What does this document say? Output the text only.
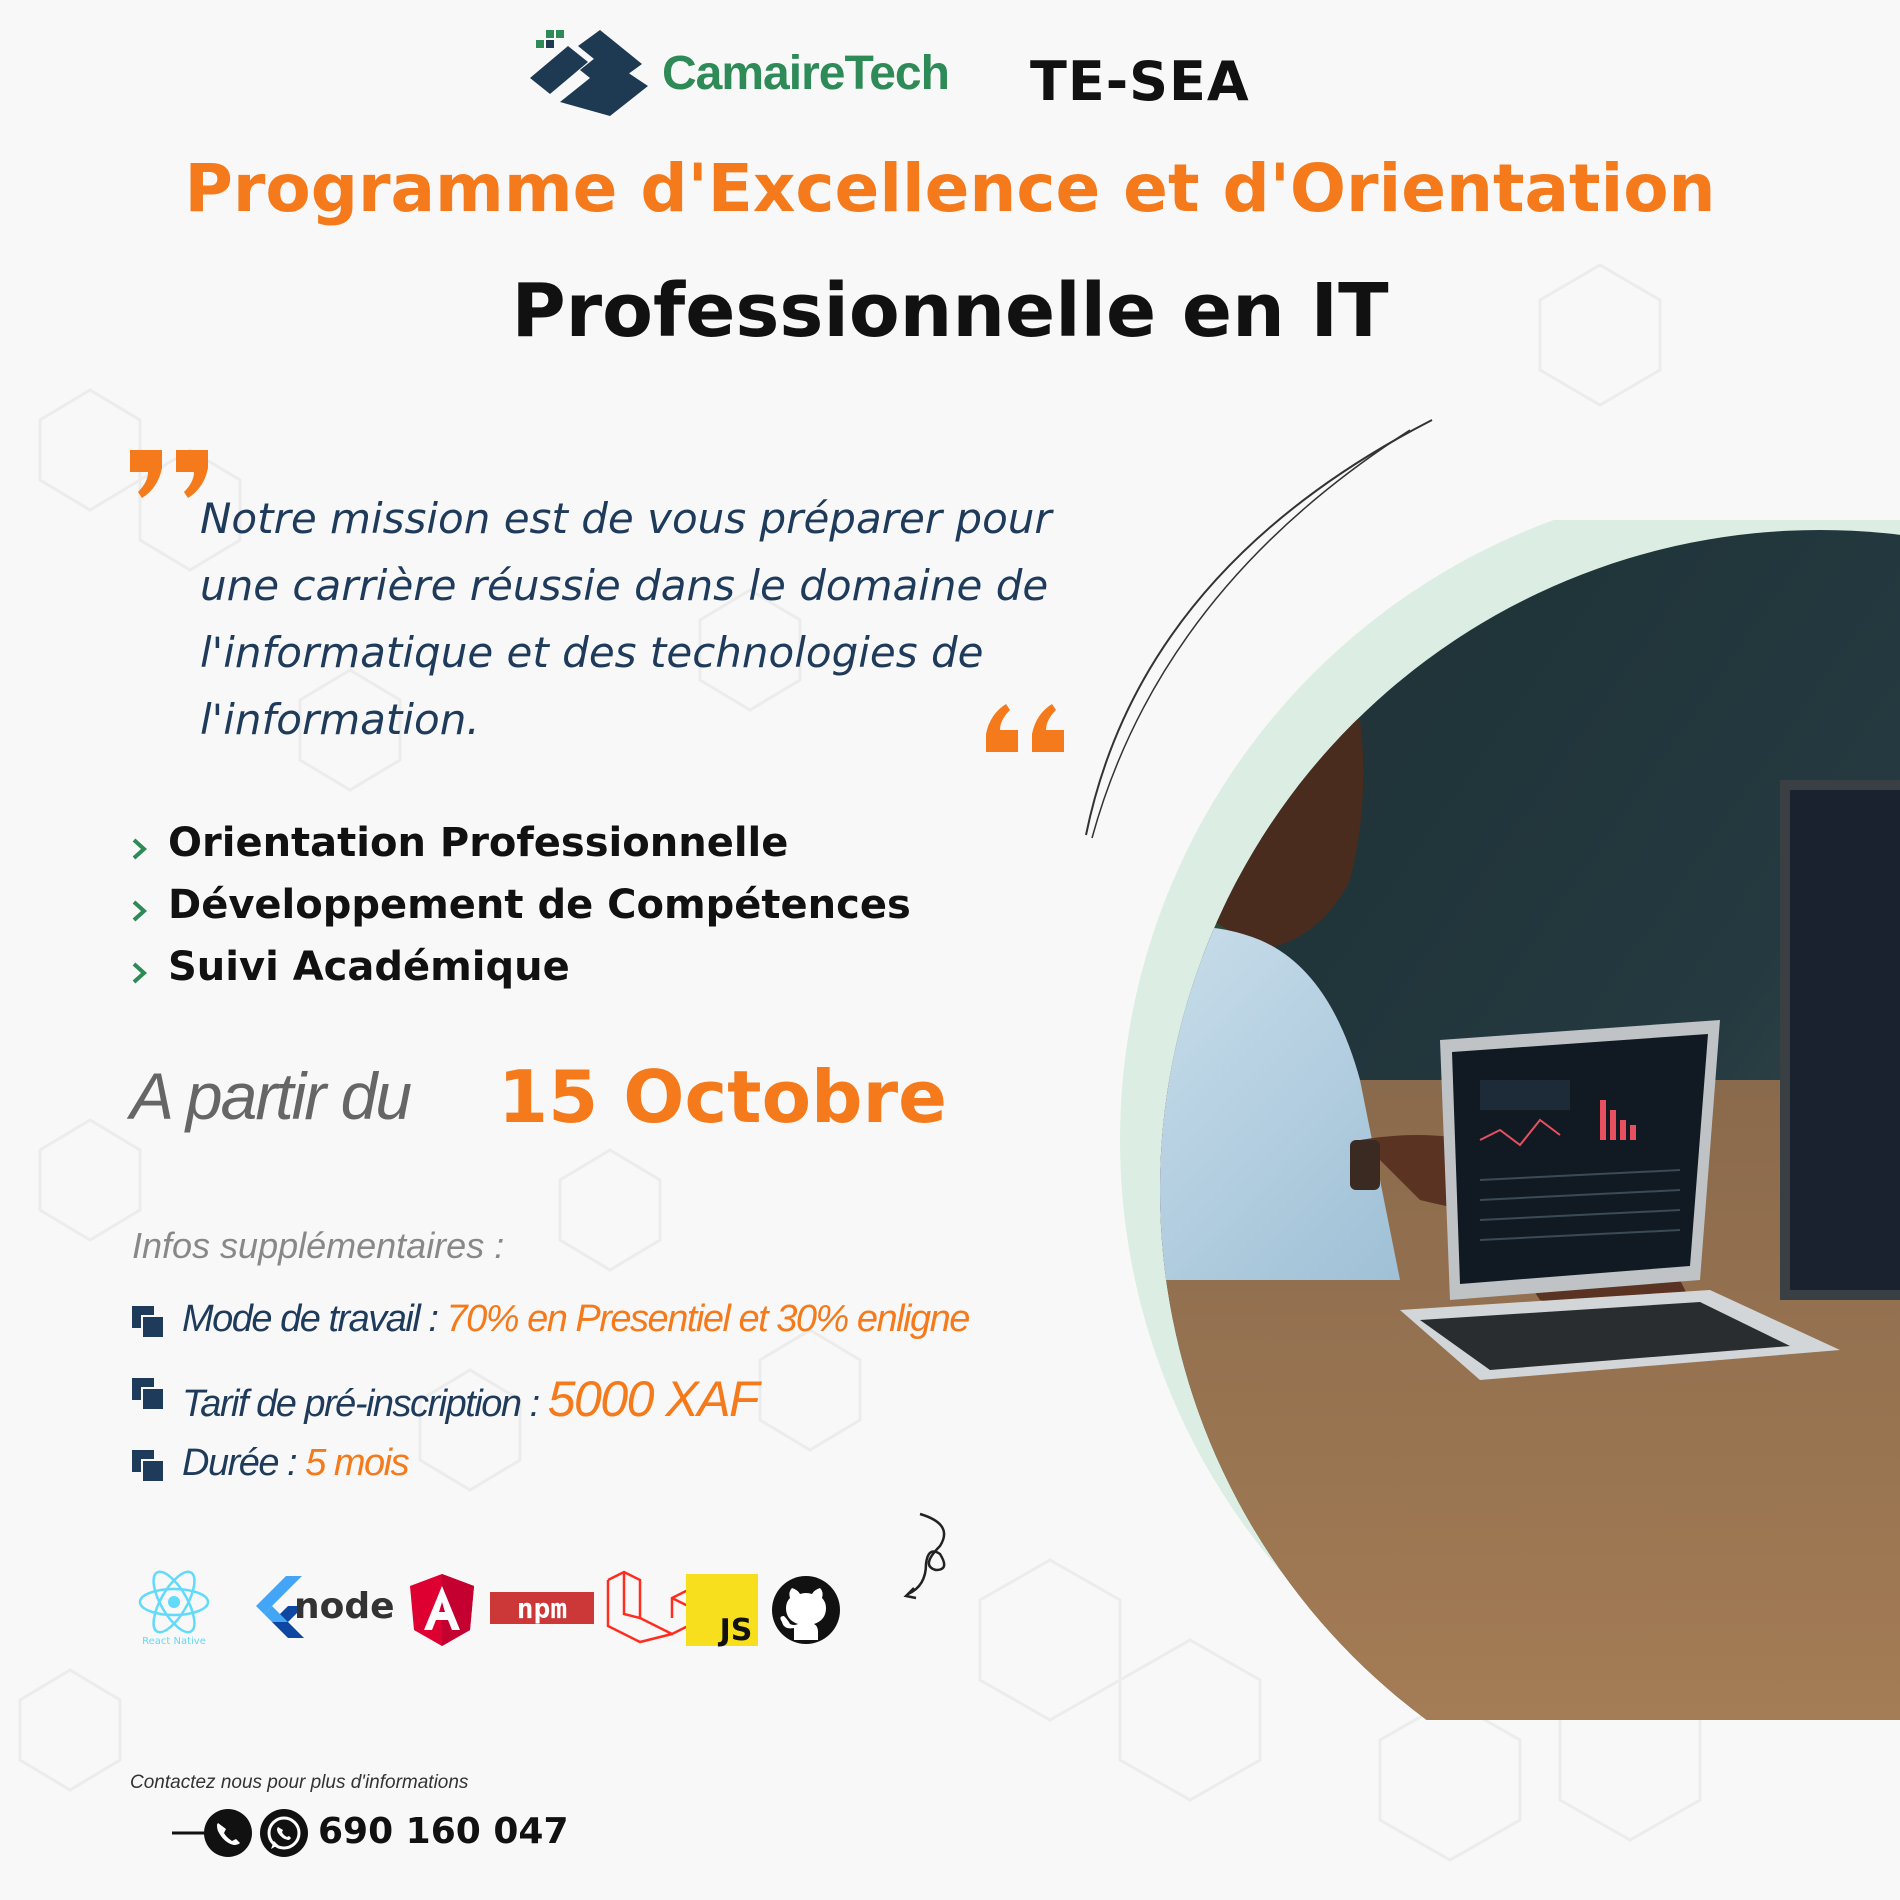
CamaireTech TE-SEA
Programme d'Excellence et d'Orientation
Professionnelle en IT
Notre mission est de vous préparer pour une carrière réussie dans le domaine de l'informatique et des technologies de l'information.
Orientation Professionnelle
Développement de Compétences
Suivi Académique
A partir du 15 Octobre
Infos supplémentaires :
Mode de travail : 70% en Presentiel et 30% enligne
Tarif de pré-inscription : 5000 XAF
Durée : 5 mois
React Native
node	npm
JS
Contactez nous pour plus d'informations
690 160 047
